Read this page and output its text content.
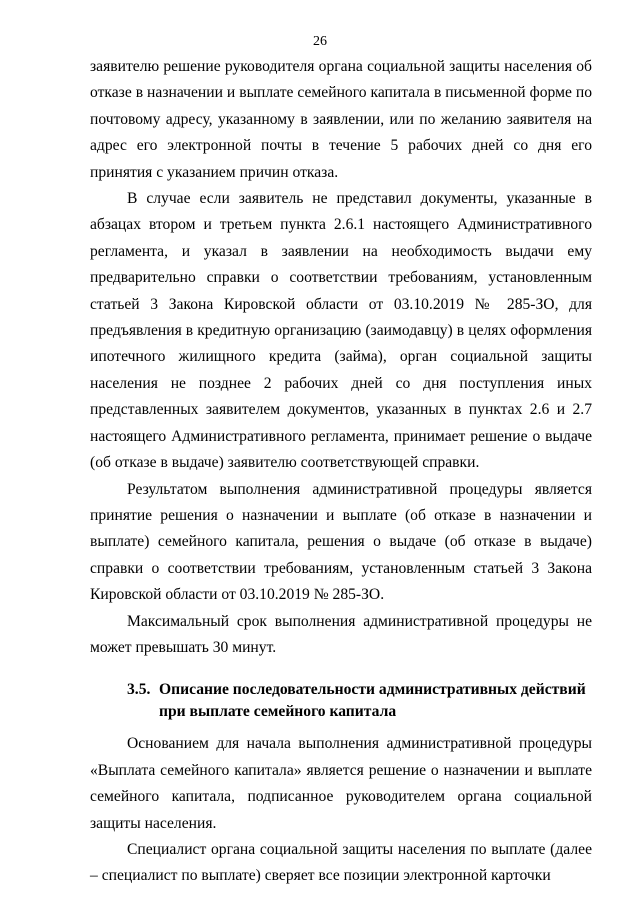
26

заявителю решение руководителя органа социальной защиты населения об отказе в назначении и выплате семейного капитала в письменной форме по почтовому адресу, указанному в заявлении, или по желанию заявителя на адрес его электронной почты в течение 5 рабочих дней со дня его принятия с указанием причин отказа.

В случае если заявитель не представил документы, указанные в абзацах втором и третьем пункта 2.6.1 настоящего Административного регламента, и указал в заявлении на необходимость выдачи ему предварительно справки о соответствии требованиям, установленным статьей 3 Закона Кировской области от 03.10.2019 № 285-ЗО, для предъявления в кредитную организацию (заимодавцу) в целях оформления ипотечного жилищного кредита (займа), орган социальной защиты населения не позднее 2 рабочих дней со дня поступления иных представленных заявителем документов, указанных в пунктах 2.6 и 2.7 настоящего Административного регламента, принимает решение о выдаче (об отказе в выдаче) заявителю соответствующей справки.

Результатом выполнения административной процедуры является принятие решения о назначении и выплате (об отказе в назначении и выплате) семейного капитала, решения о выдаче (об отказе в выдаче) справки о соответствии требованиям, установленным статьей 3 Закона Кировской области от 03.10.2019 № 285-ЗО.

Максимальный срок выполнения административной процедуры не может превышать 30 минут.

3.5. Описание последовательности административных действий
при выплате семейного капитала

Основанием для начала выполнения административной процедуры «Выплата семейного капитала» является решение о назначении и выплате семейного капитала, подписанное руководителем органа социальной защиты населения.

Специалист органа социальной защиты населения по выплате (далее – специалист по выплате) сверяет все позиции электронной карточки
